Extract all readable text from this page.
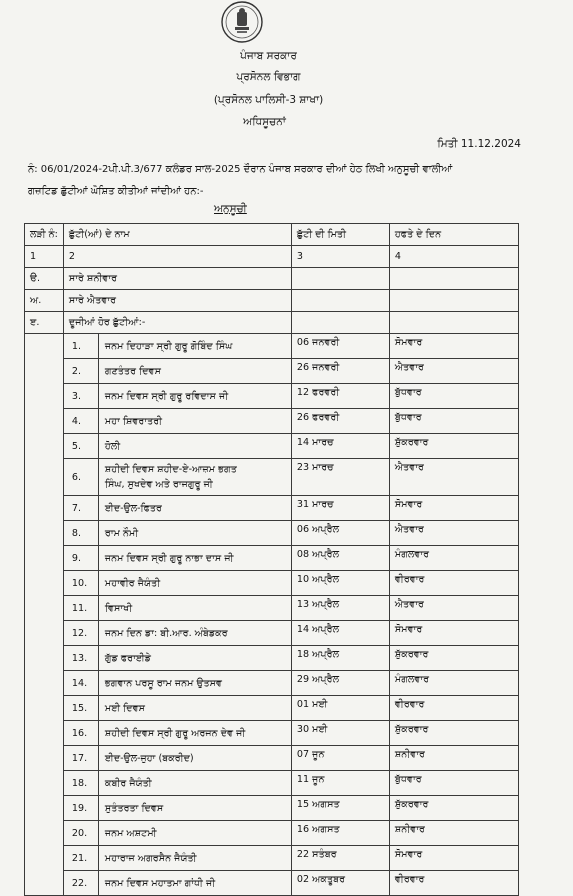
ਪੰਜਾਬ ਸਰਕਾਰ
ਪ੍ਰਸੋਨਲ ਵਿਭਾਗ
(ਪ੍ਰਸੋਨਲ ਪਾਲਿਸੀ-3 ਸ਼ਾਖਾ)
ਅਧਿਸੂਚਨਾਂ
ਮਿਤੀ 11.12.2024
ਨੰ: 06/01/2024-2ਪੀ.ਪੀ.3/677 ਕਲੰਡਰ ਸਾਲ-2025 ਦੌਰਾਨ ਪੰਜਾਬ ਸਰਕਾਰ ਦੀਆਂ ਹੇਠ ਲਿਖੀ ਅਨੁਸੂਚੀ ਵਾਲੀਆਂ
ਗਜ਼ਟਿਡ ਛੁੱਟੀਆਂ ਘੋਸ਼ਿਤ ਕੀਤੀਆਂ ਜਾਂਦੀਆਂ ਹਨ:-
ਅਨੁਸੂਚੀ
ਲੜੀ ਨੰ:	ਛੁੱਟੀ(ਆਂ) ਦੇ ਨਾਮ	ਛੁੱਟੀ ਦੀ ਮਿਤੀ	ਹਫਤੇ ਦੇ ਦਿਨ
1	2	3	4
ੳ.	ਸਾਰੇ ਸ਼ਨੀਵਾਰ		
ਅ.	ਸਾਰੇ ਐਤਵਾਰ		
ੲ.	ਦੂਜੀਆਂ ਹੋਰ ਛੁੱਟੀਆਂ:-		

1. ਜਨਮ ਦਿਹਾੜਾ ਸ੍ਰੀ ਗੁਰੂ ਗੋਬਿੰਦ ਸਿੰਘ	06 ਜਨਵਰੀ	ਸੋਮਵਾਰ

2. ਗਣਤੰਤਰ ਦਿਵਸ	26 ਜਨਵਰੀ	ਐਤਵਾਰ

3. ਜਨਮ ਦਿਵਸ ਸ੍ਰੀ ਗੁਰੂ ਰਵਿਦਾਸ ਜੀ	12 ਫਰਵਰੀ	ਬੁੱਧਵਾਰ

4. ਮਹਾ ਸ਼ਿਵਰਾਤਰੀ	26 ਫਰਵਰੀ	ਬੁੱਧਵਾਰ

5. ਹੋਲੀ	14 ਮਾਰਚ	ਸ਼ੁੱਕਰਵਾਰ

6.
ਸ਼ਹੀਦੀ ਦਿਵਸ ਸ਼ਹੀਦ-ਏ-ਆਜ਼ਮ ਭਗਤ
ਸਿੰਘ, ਸੁਖਦੇਵ ਅਤੇ ਰਾਜਗੁਰੂ ਜੀ	23 ਮਾਰਚ	ਐਤਵਾਰ

7. ਈਦ-ਉਲ-ਫਿਤਰ	31 ਮਾਰਚ	ਸੋਮਵਾਰ

8. ਰਾਮ ਨੌਮੀ	06 ਅਪ੍ਰੈਲ	ਐਤਵਾਰ

9. ਜਨਮ ਦਿਵਸ ਸ੍ਰੀ ਗੁਰੂ ਨਾਭਾ ਦਾਸ ਜੀ	08 ਅਪ੍ਰੈਲ	ਮੰਗਲਵਾਰ

10. ਮਹਾਵੀਰ ਜੈਯੰਤੀ	10 ਅਪ੍ਰੈਲ	ਵੀਰਵਾਰ

11. ਵਿਸਾਖੀ	13 ਅਪ੍ਰੈਲ	ਐਤਵਾਰ

12. ਜਨਮ ਦਿਨ ਡਾ: ਬੀ.ਆਰ. ਅੰਬੇਡਕਰ	14 ਅਪ੍ਰੈਲ	ਸੋਮਵਾਰ

13. ਗੁੱਡ ਫਰਾਈਡੇ	18 ਅਪ੍ਰੈਲ	ਸ਼ੁੱਕਰਵਾਰ

14. ਭਗਵਾਨ ਪਰਸੂ ਰਾਮ ਜਨਮ ਉਤਸਵ	29 ਅਪ੍ਰੈਲ	ਮੰਗਲਵਾਰ

15. ਮਈ ਦਿਵਸ	01 ਮਈ	ਵੀਰਵਾਰ

16. ਸ਼ਹੀਦੀ ਦਿਵਸ ਸ੍ਰੀ ਗੁਰੂ ਅਰਜਨ ਦੇਵ ਜੀ	30 ਮਈ	ਸ਼ੁੱਕਰਵਾਰ

17. ਈਦ-ਉਲ-ਜੁਹਾ (ਬਕਰੀਦ)	07 ਜੂਨ	ਸ਼ਨੀਵਾਰ

18. ਕਬੀਰ ਜੈਯੰਤੀ	11 ਜੂਨ	ਬੁੱਧਵਾਰ

19. ਸੁਤੰਤਰਤਾ ਦਿਵਸ	15 ਅਗਸਤ	ਸ਼ੁੱਕਰਵਾਰ

20. ਜਨਮ ਅਸ਼ਟਮੀ	16 ਅਗਸਤ	ਸ਼ਨੀਵਾਰ

21. ਮਹਾਰਾਜ ਅਗਰਸੈਨ ਜੈਯੰਤੀ	22 ਸਤੰਬਰ	ਸੋਮਵਾਰ

22. ਜਨਮ ਦਿਵਸ ਮਹਾਤਮਾ ਗਾਂਧੀ ਜੀ	02 ਅਕਤੂਬਰ	ਵੀਰਵਾਰ
